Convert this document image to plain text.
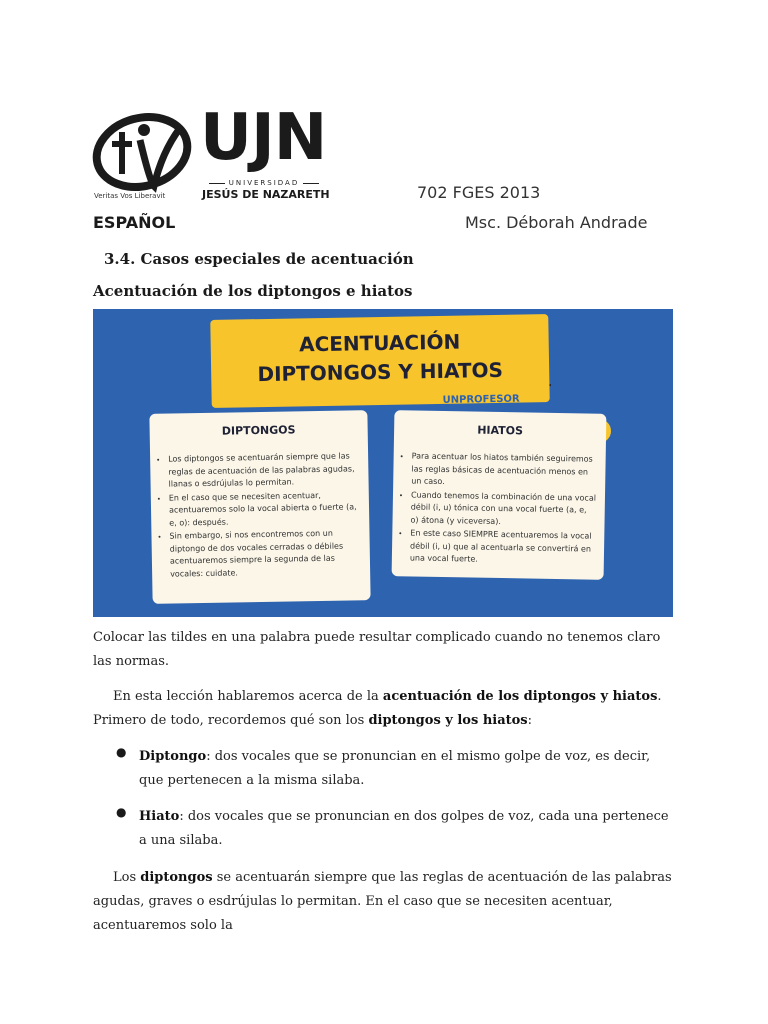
Veritas Vos Liberavit
UJN
UNIVERSIDAD
JESÚS DE NAZARETH	702 FGES 2013
ESPAÑOL	Msc. Déborah Andrade
3.4. Casos especiales de acentuación
Acentuación de los diptongos e hiatos
ACENTUACIÓN
DIPTONGOS Y HIATOS
UNPROFESOR
💡
💡
DIPTONGOS
• Los diptongos se acentuarán siempre que las reglas de acentuación de las palabras agudas, llanas o esdrújulas lo permitan.
• En el caso que se necesiten acentuar, acentuaremos solo la vocal abierta o fuerte (a, e, o): después.
• Sin embargo, si nos encontremos con un diptongo de dos vocales cerradas o débiles acentuaremos siempre la segunda de las vocales: cuidate.
HIATOS
• Para acentuar los hiatos también seguiremos las reglas básicas de acentuación menos en un caso.
• Cuando tenemos la combinación de una vocal débil (i, u) tónica con una vocal fuerte (a, e, o) átona (y viceversa).
• En este caso SIEMPRE acentuaremos la vocal débil (i, u) que al acentuarla se convertirá en una vocal fuerte.
Colocar las tildes en una palabra puede resultar complicado cuando no tenemos claro las normas.
En esta lección hablaremos acerca de la acentuación de los diptongos y hiatos. Primero de todo, recordemos qué son los diptongos y los hiatos:
● Diptongo: dos vocales que se pronuncian en el mismo golpe de voz, es decir, que pertenecen a la misma silaba.
● Hiato: dos vocales que se pronuncian en dos golpes de voz, cada una pertenece a una silaba.
Los diptongos se acentuarán siempre que las reglas de acentuación de las palabras agudas, graves o esdrújulas lo permitan. En el caso que se necesiten acentuar, acentuaremos solo la
